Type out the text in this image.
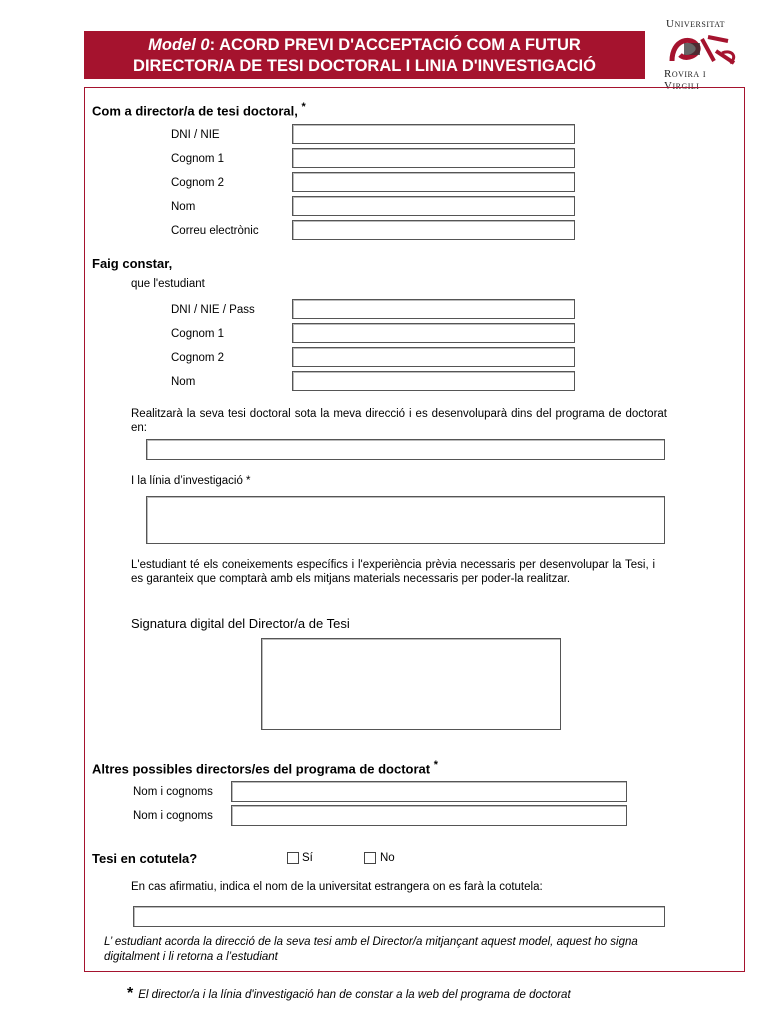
Model 0: ACORD PREVI D'ACCEPTACIÓ COM A FUTUR
DIRECTOR/A DE TESI DOCTORAL I LINIA D'INVESTIGACIÓ
Universitat
Rovira i Virgili
Com a director/a de tesi doctoral, *
DNI / NIE
Cognom 1
Cognom 2
Nom
Correu electrònic
Faig constar,
que l'estudiant
DNI / NIE / Pass
Cognom 1
Cognom 2
Nom
Realitzarà la seva tesi doctoral sota la meva direcció i es desenvoluparà dins del programa de doctorat en:
I la línia d’investigació *
L'estudiant té els coneixements específics i l'experiència prèvia necessaris per desenvolupar la Tesi, i es garanteix que comptarà amb els mitjans materials necessaris per poder-la realitzar.
Signatura digital del Director/a de Tesi
Altres possibles directors/es del programa de doctorat *
Nom i cognoms
Nom i cognoms
Tesi en cotutela?	Sí	No
En cas afirmatiu, indica el nom de la universitat estrangera on es farà la cotutela:
L’ estudiant acorda la direcció de la seva tesi amb el Director/a mitjançant aquest model, aquest ho signa digitalment i li retorna a l’estudiant
* El director/a i la línia d'investigació han de constar a la web del programa de doctorat
